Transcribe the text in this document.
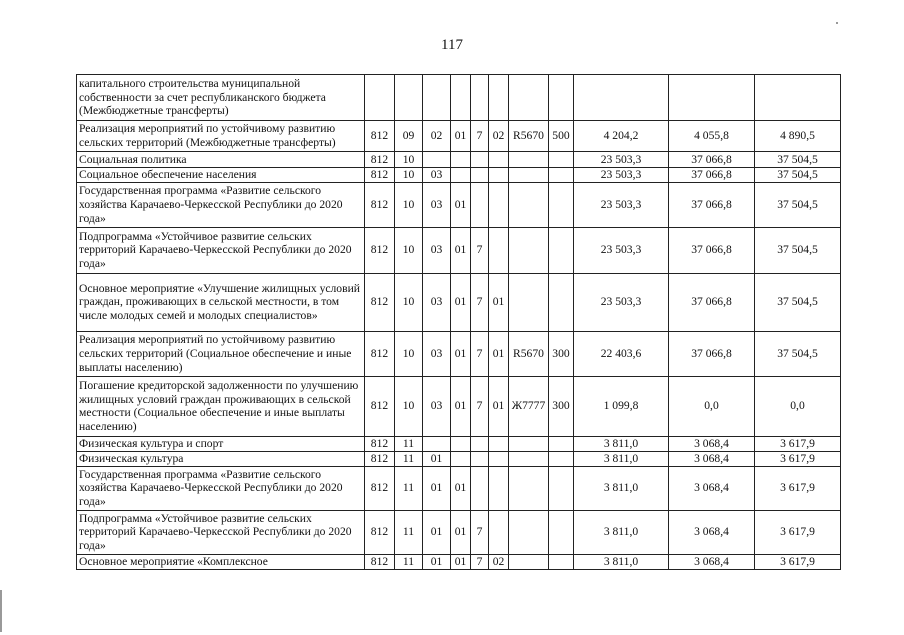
117
капитального строительства муниципальной собственности за счет республиканского бюджета (Межбюджетные трансферты)											
Реализация мероприятий по устойчивому развитию сельских территорий (Межбюджетные трансферты)	812	09	02	01	7	02	R5670	500	4 204,2	4 055,8	4 890,5
Социальная политика	812	10							23 503,3	37 066,8	37 504,5
Социальное обеспечение населения	812	10	03						23 503,3	37 066,8	37 504,5
Государственная программа «Развитие сельского хозяйства Карачаево-Черкесской Республики до 2020 года»	812	10	03	01					23 503,3	37 066,8	37 504,5
Подпрограмма «Устойчивое развитие сельских территорий Карачаево-Черкесской Республики до 2020 года»	812	10	03	01	7				23 503,3	37 066,8	37 504,5
Основное мероприятие «Улучшение жилищных условий граждан, проживающих в сельской местности, в том числе молодых семей и молодых специалистов»	812	10	03	01	7	01			23 503,3	37 066,8	37 504,5
Реализация мероприятий по устойчивому развитию сельских территорий (Социальное обеспечение и иные выплаты населению)	812	10	03	01	7	01	R5670	300	22 403,6	37 066,8	37 504,5
Погашение кредиторской задолженности по улучшению жилищных условий граждан проживающих в сельской местности (Социальное обеспечение и иные выплаты населению)	812	10	03	01	7	01	Ж7777	300	1 099,8	0,0	0,0
Физическая культура и спорт	812	11							3 811,0	3 068,4	3 617,9
Физическая культура	812	11	01						3 811,0	3 068,4	3 617,9
Государственная программа «Развитие сельского хозяйства Карачаево-Черкесской Республики до 2020 года»	812	11	01	01					3 811,0	3 068,4	3 617,9
Подпрограмма «Устойчивое развитие сельских территорий Карачаево-Черкесской Республики до 2020 года»	812	11	01	01	7				3 811,0	3 068,4	3 617,9
Основное мероприятие «Комплексное	812	11	01	01	7	02			3 811,0	3 068,4	3 617,9
